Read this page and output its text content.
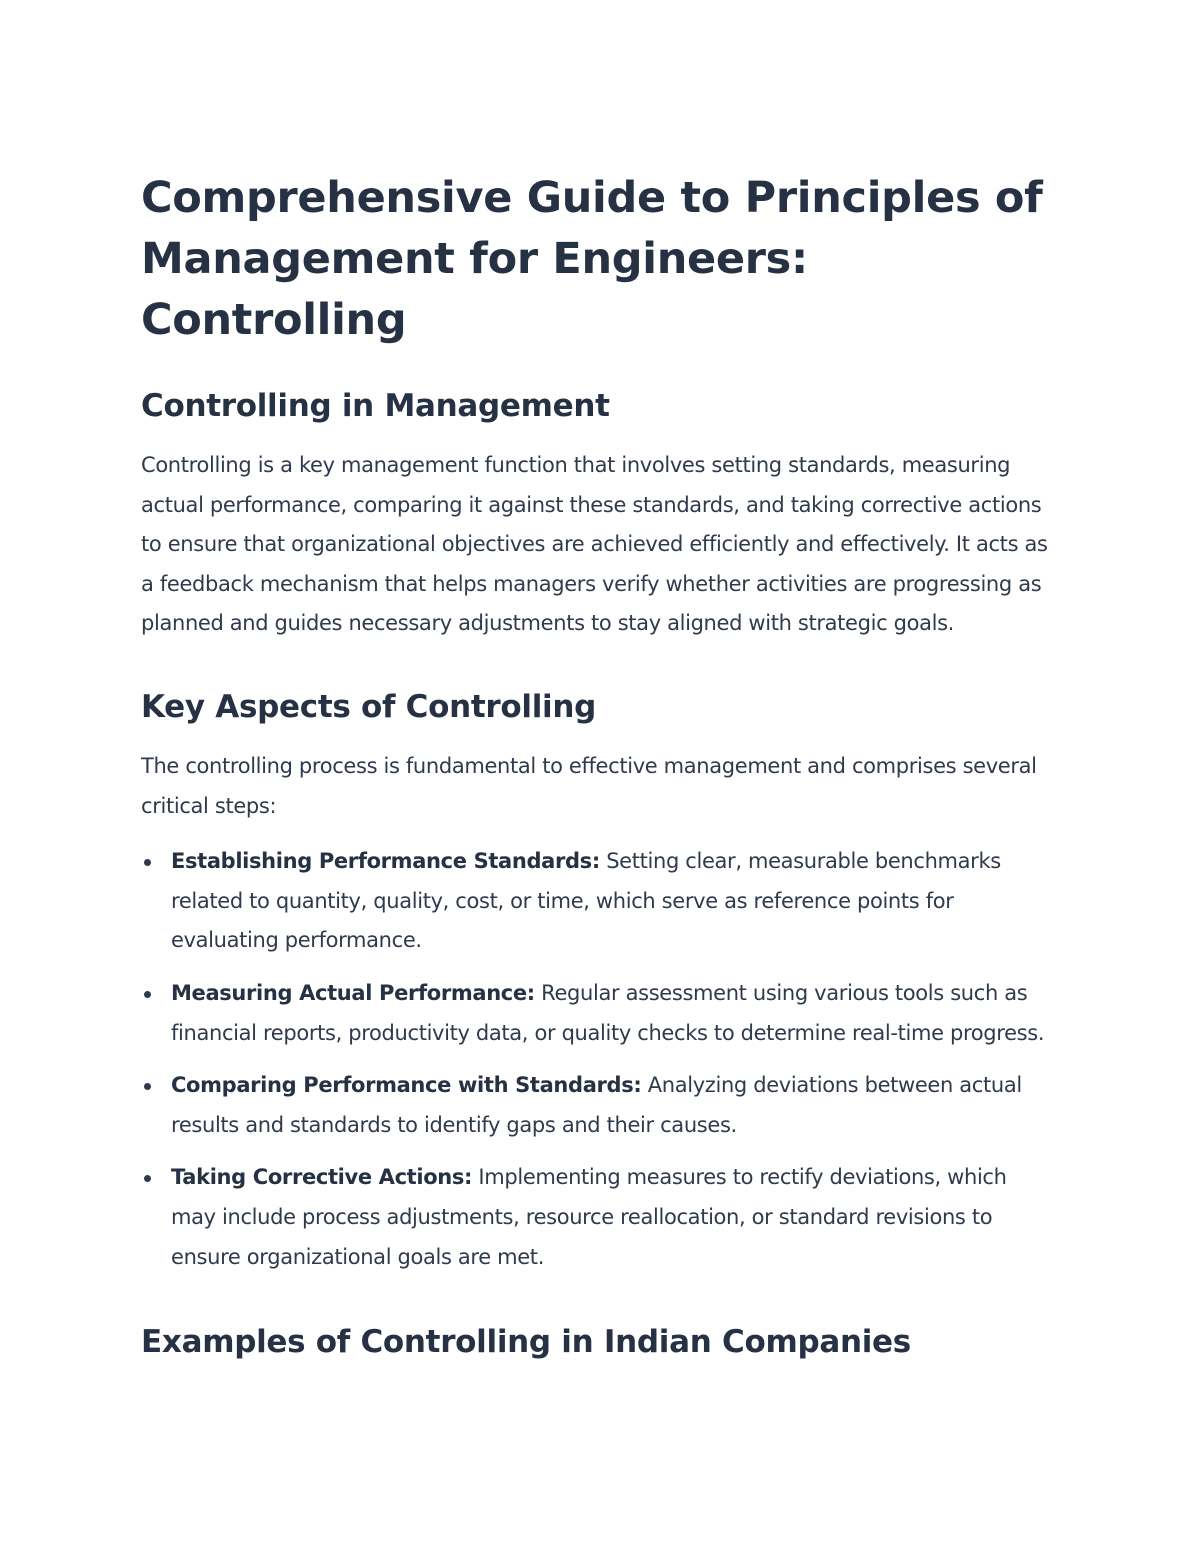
Comprehensive Guide to Principles of Management for Engineers: Controlling
Controlling in Management

Controlling is a key management function that involves setting standards, measuring actual performance, comparing it against these standards, and taking corrective actions to ensure that organizational objectives are achieved efficiently and effectively. It acts as a feedback mechanism that helps managers verify whether activities are progressing as planned and guides necessary adjustments to stay aligned with strategic goals.

Key Aspects of Controlling

The controlling process is fundamental to effective management and comprises several critical steps:

Establishing Performance Standards: Setting clear, measurable benchmarks related to quantity, quality, cost, or time, which serve as reference points for evaluating performance.
Measuring Actual Performance: Regular assessment using various tools such as financial reports, productivity data, or quality checks to determine real-time progress.
Comparing Performance with Standards: Analyzing deviations between actual results and standards to identify gaps and their causes.
Taking Corrective Actions: Implementing measures to rectify deviations, which may include process adjustments, resource reallocation, or standard revisions to ensure organizational goals are met.
Examples of Controlling in Indian Companies
